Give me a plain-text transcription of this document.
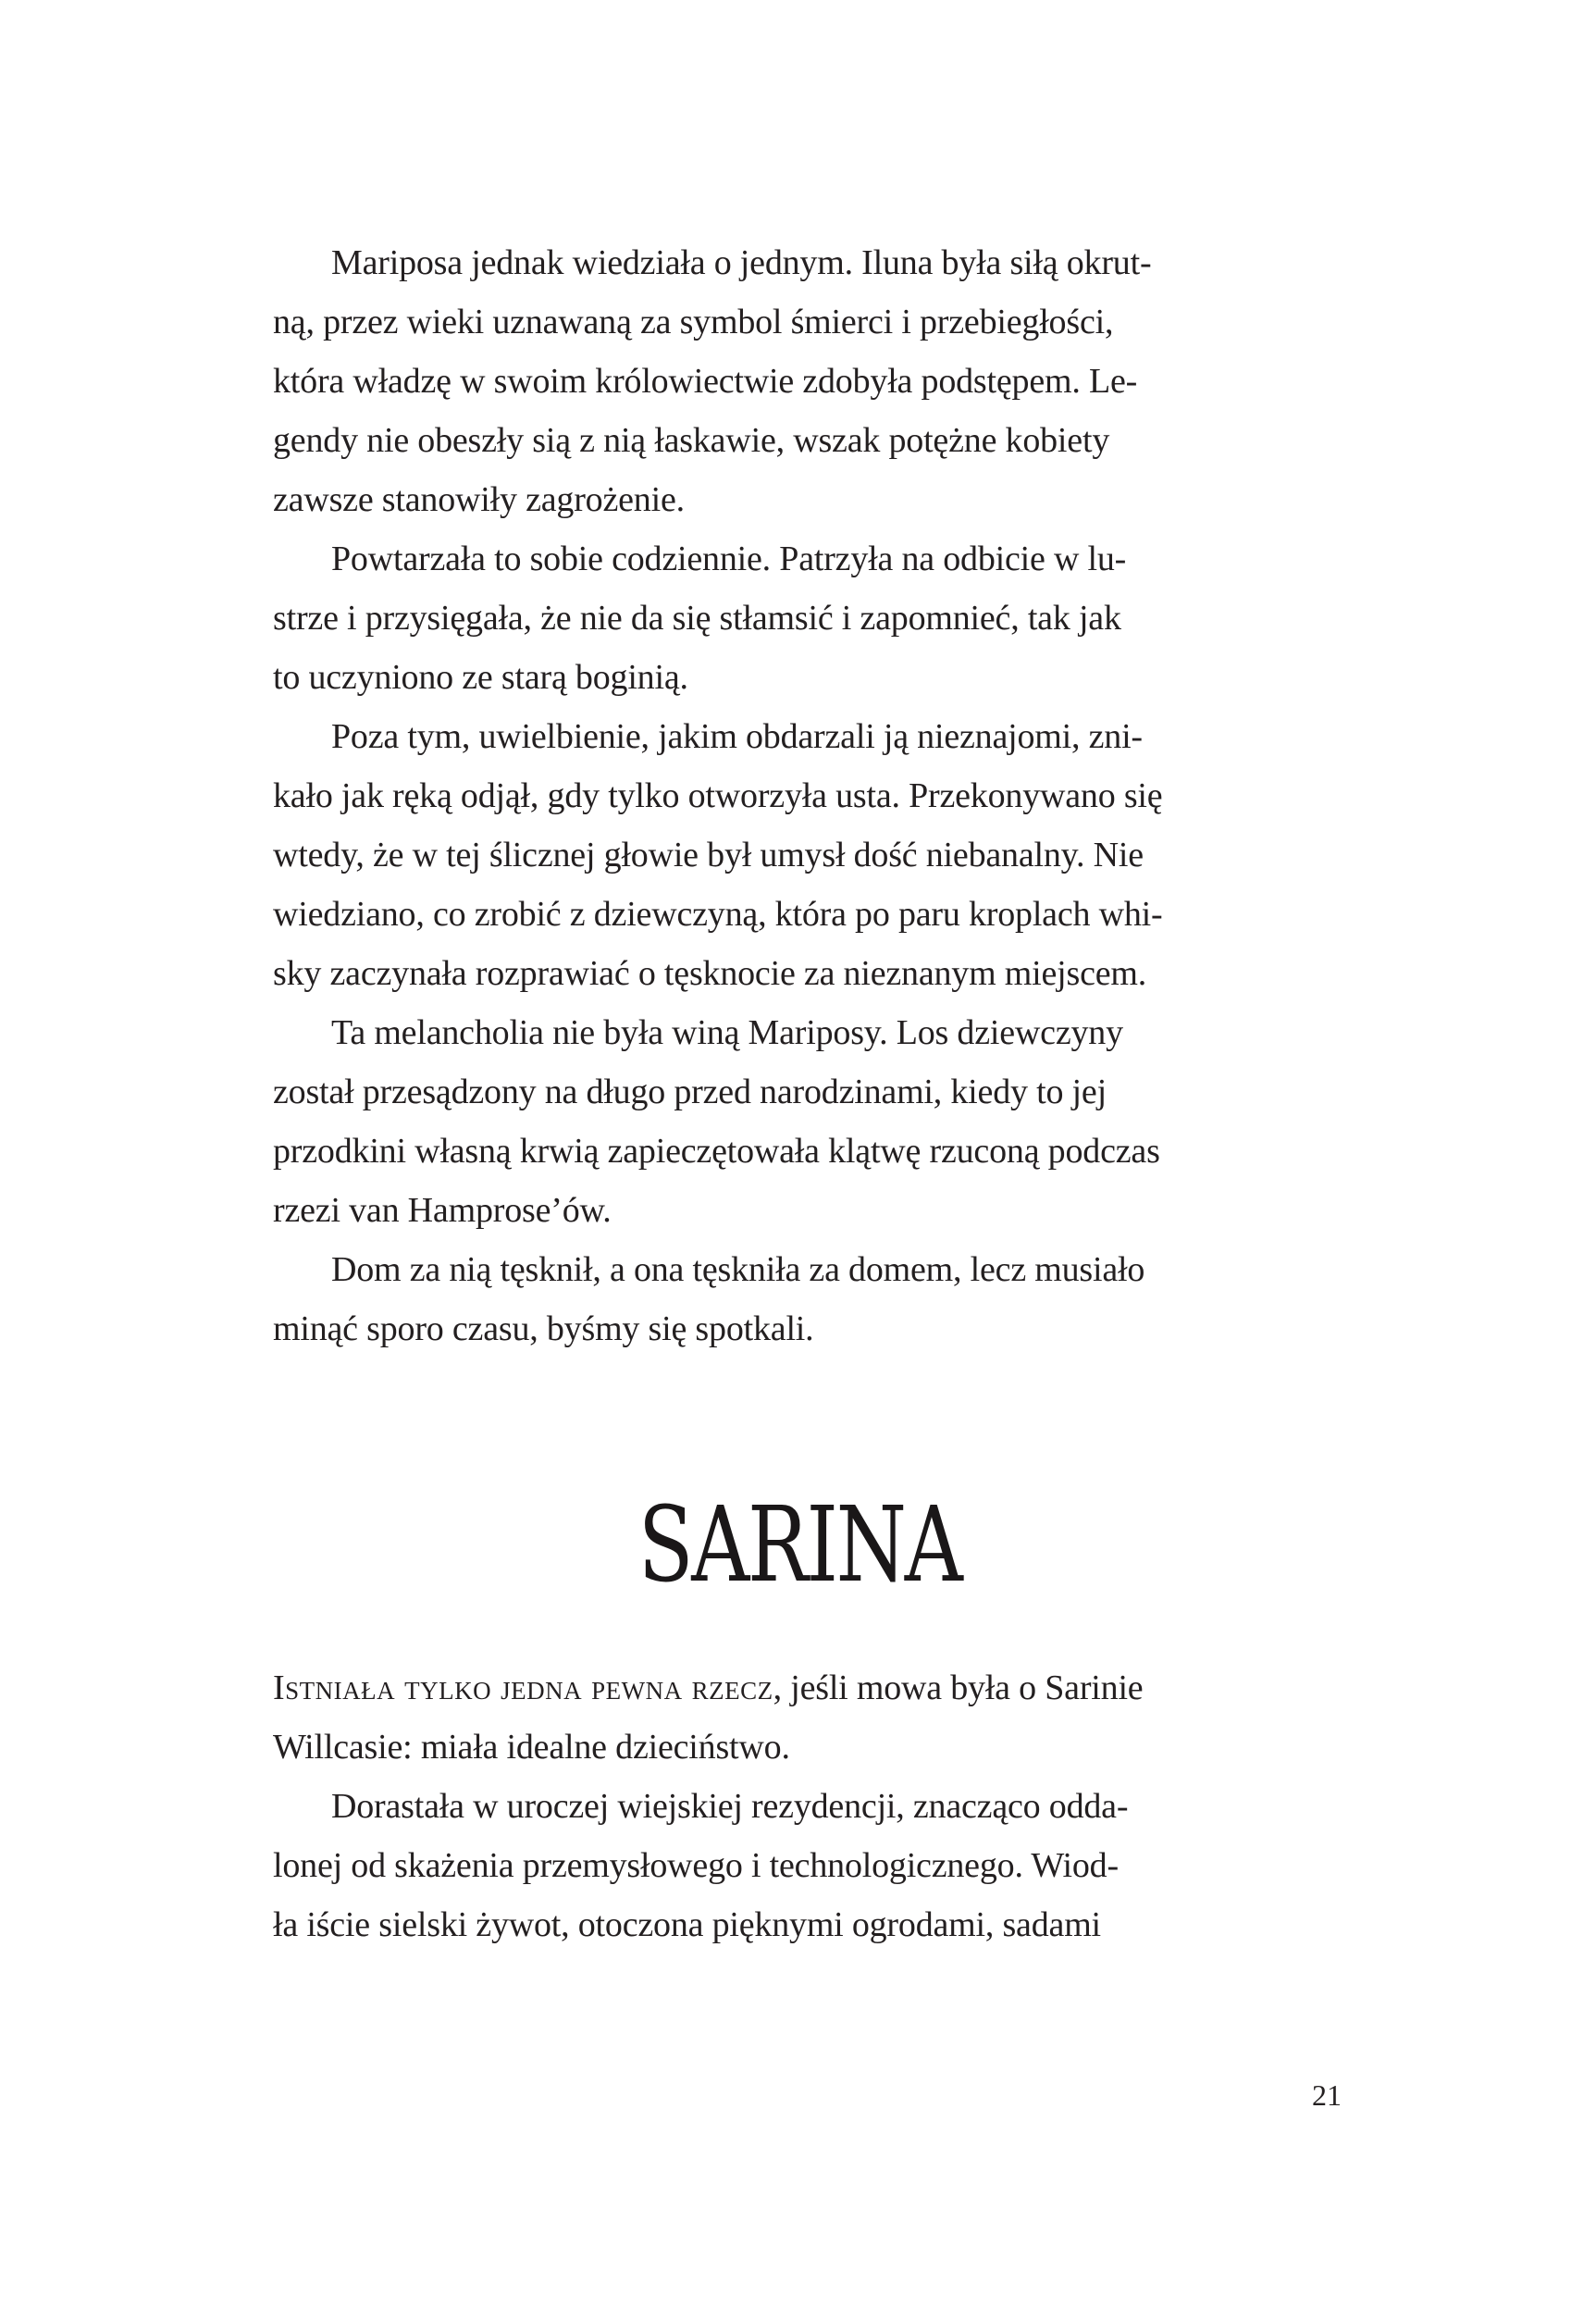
Mariposa jednak wiedziała o jednym. Iluna była siłą okrut-
ną, przez wieki uznawaną za symbol śmierci i przebiegłości,
która władzę w swoim królowiectwie zdobyła podstępem. Le-
gendy nie obeszły sią z nią łaskawie, wszak potężne kobiety
zawsze stanowiły zagrożenie.
Powtarzała to sobie codziennie. Patrzyła na odbicie w lu-
strze i przysięgała, że nie da się stłamsić i zapomnieć, tak jak
to uczyniono ze starą boginią.
Poza tym, uwielbienie, jakim obdarzali ją nieznajomi, zni-
kało jak ręką odjął, gdy tylko otworzyła usta. Przekonywano się
wtedy, że w tej ślicznej głowie był umysł dość niebanalny. Nie
wiedziano, co zrobić z dziewczyną, która po paru kroplach whi-
sky zaczynała rozprawiać o tęsknocie za nieznanym miejscem.
Ta melancholia nie była winą Mariposy. Los dziewczyny
został przesądzony na długo przed narodzinami, kiedy to jej
przodkini własną krwią zapieczętowała klątwę rzuconą podczas
rzezi van Hamprose’ów.
Dom za nią tęsknił, a ona tęskniła za domem, lecz musiało
minąć sporo czasu, byśmy się spotkali.
SARINA
Istniała tylko jedna pewna rzecz, jeśli mowa była o Sarinie
Willcasie: miała idealne dzieciństwo.
Dorastała w uroczej wiejskiej rezydencji, znacząco odda-
lonej od skażenia przemysłowego i technologicznego. Wiod-
ła iście sielski żywot, otoczona pięknymi ogrodami, sadami
21
